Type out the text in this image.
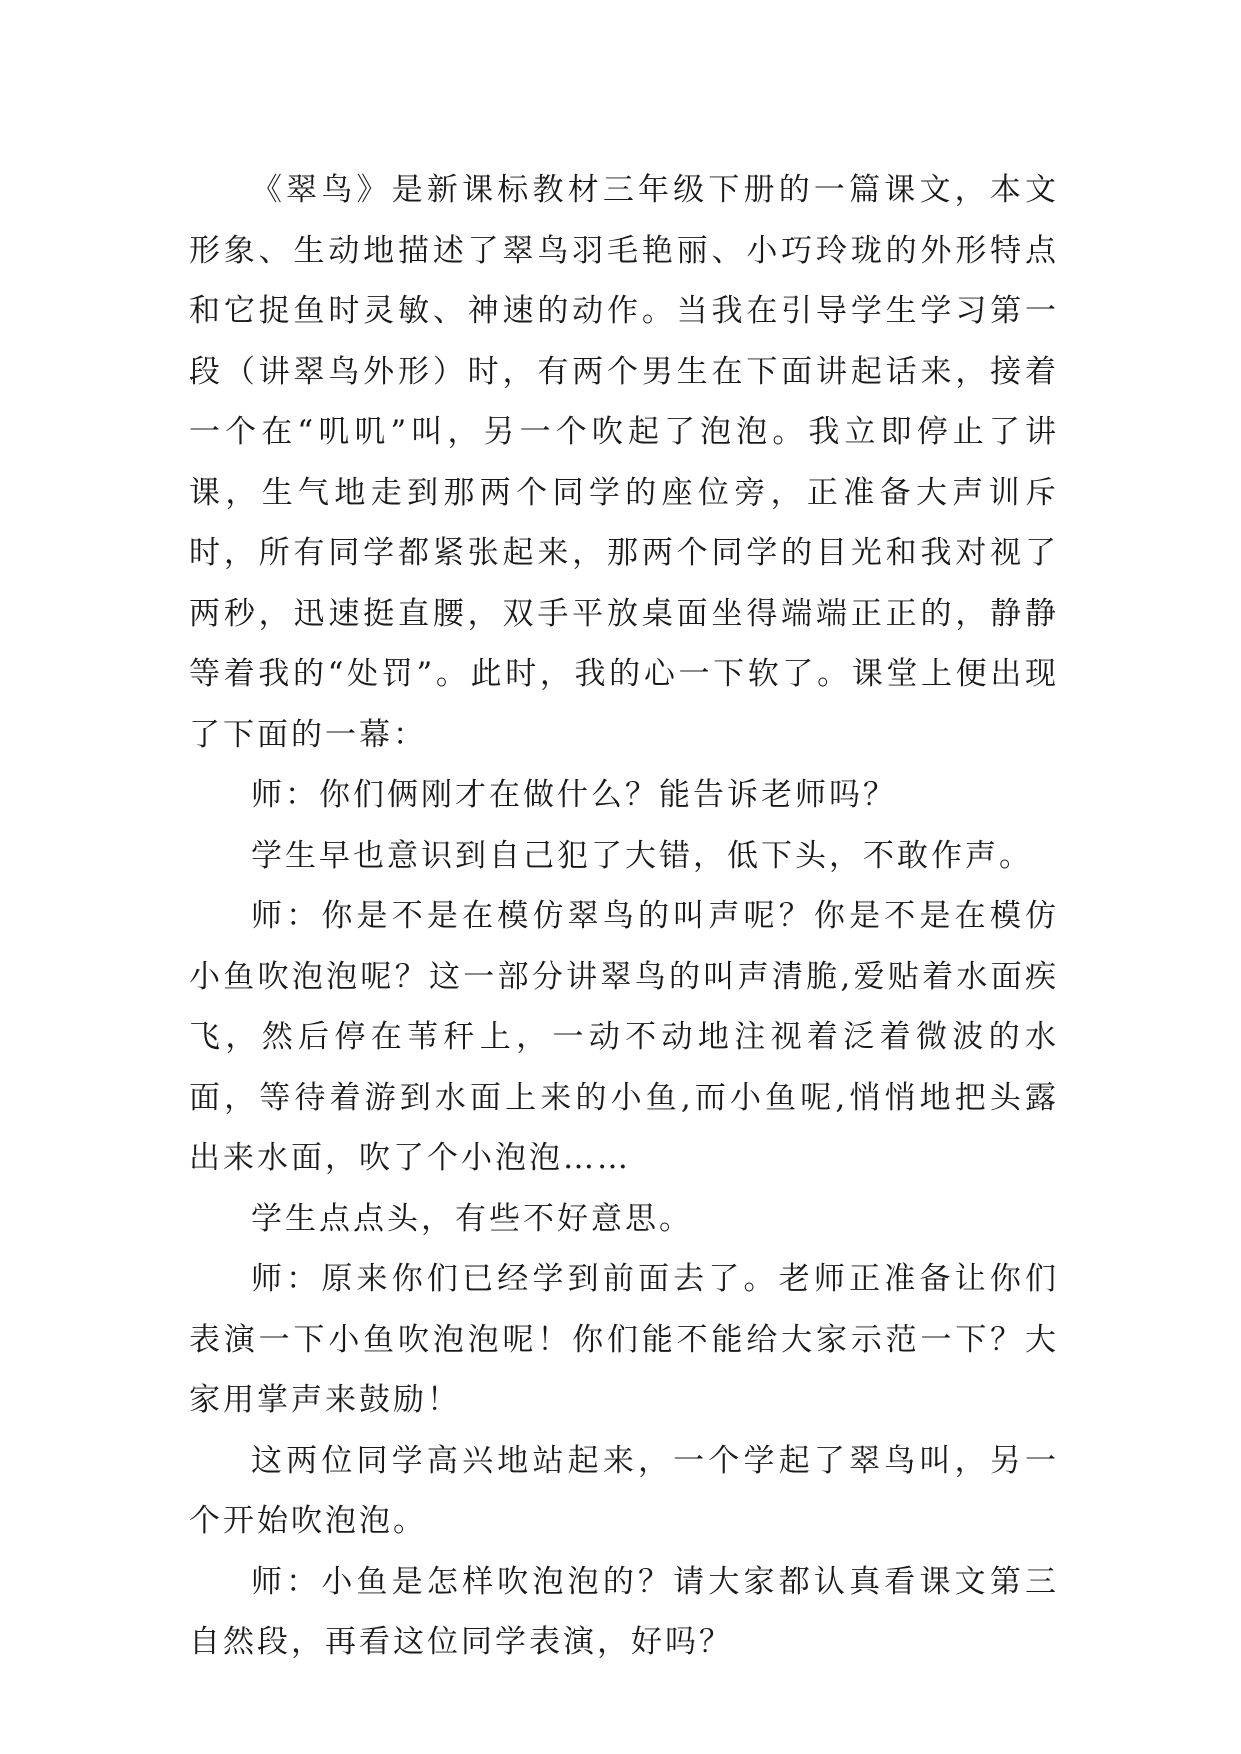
《翠鸟》是新课标教材三年级下册的一篇课文，本文形象、生动地描述了翠鸟羽毛艳丽、小巧玲珑的外形特点和它捉鱼时灵敏、神速的动作。当我在引导学生学习第一段（讲翠鸟外形）时，有两个男生在下面讲起话来，接着一个在“叽叽”叫，另一个吹起了泡泡。我立即停止了讲课，生气地走到那两个同学的座位旁，正准备大声训斥时，所有同学都紧张起来，那两个同学的目光和我对视了两秒，迅速挺直腰，双手平放桌面坐得端端正正的，静静等着我的“处罚”。此时，我的心一下软了。课堂上便出现了下面的一幕：

师：你们俩刚才在做什么？能告诉老师吗？

学生早也意识到自己犯了大错，低下头，不敢作声。

师：你是不是在模仿翠鸟的叫声呢？你是不是在模仿小鱼吹泡泡呢？这一部分讲翠鸟的叫声清脆,爱贴着水面疾飞，然后停在苇秆上，一动不动地注视着泛着微波的水面，等待着游到水面上来的小鱼,而小鱼呢,悄悄地把头露出来水面，吹了个小泡泡……

学生点点头，有些不好意思。

师：原来你们已经学到前面去了。老师正准备让你们表演一下小鱼吹泡泡呢！你们能不能给大家示范一下？大家用掌声来鼓励！

这两位同学高兴地站起来，一个学起了翠鸟叫，另一个开始吹泡泡。

师：小鱼是怎样吹泡泡的？请大家都认真看课文第三自然段，再看这位同学表演，好吗？
